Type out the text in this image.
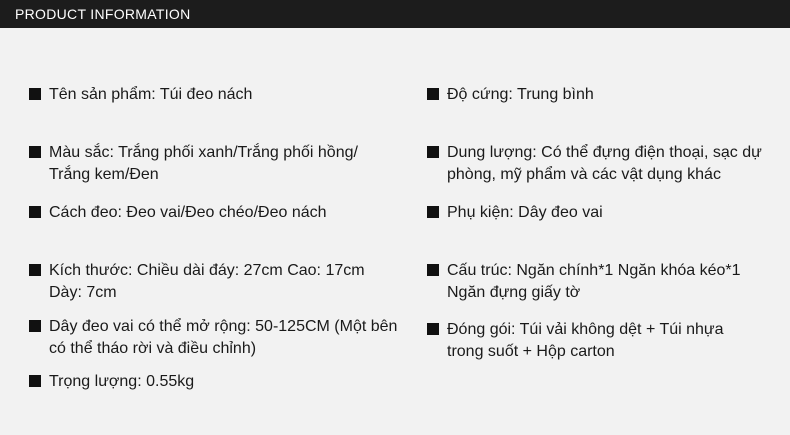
PRODUCT INFORMATION
Tên sản phẩm: Túi đeo nách
Màu sắc: Trắng phối xanh/Trắng phối hồng/
Trắng kem/Đen
Cách đeo: Đeo vai/Đeo chéo/Đeo nách
Kích thước: Chiều dài đáy: 27cm Cao: 17cm
Dày: 7cm
Dây đeo vai có thể mở rộng: 50-125CM (Một bên
có thể tháo rời và điều chỉnh)
Trọng lượng: 0.55kg
Độ cứng: Trung bình
Dung lượng: Có thể đựng điện thoại, sạc dự
phòng, mỹ phẩm và các vật dụng khác
Phụ kiện: Dây đeo vai
Cấu trúc: Ngăn chính*1 Ngăn khóa kéo*1
Ngăn đựng giấy tờ
Đóng gói: Túi vải không dệt + Túi nhựa
trong suốt + Hộp carton
